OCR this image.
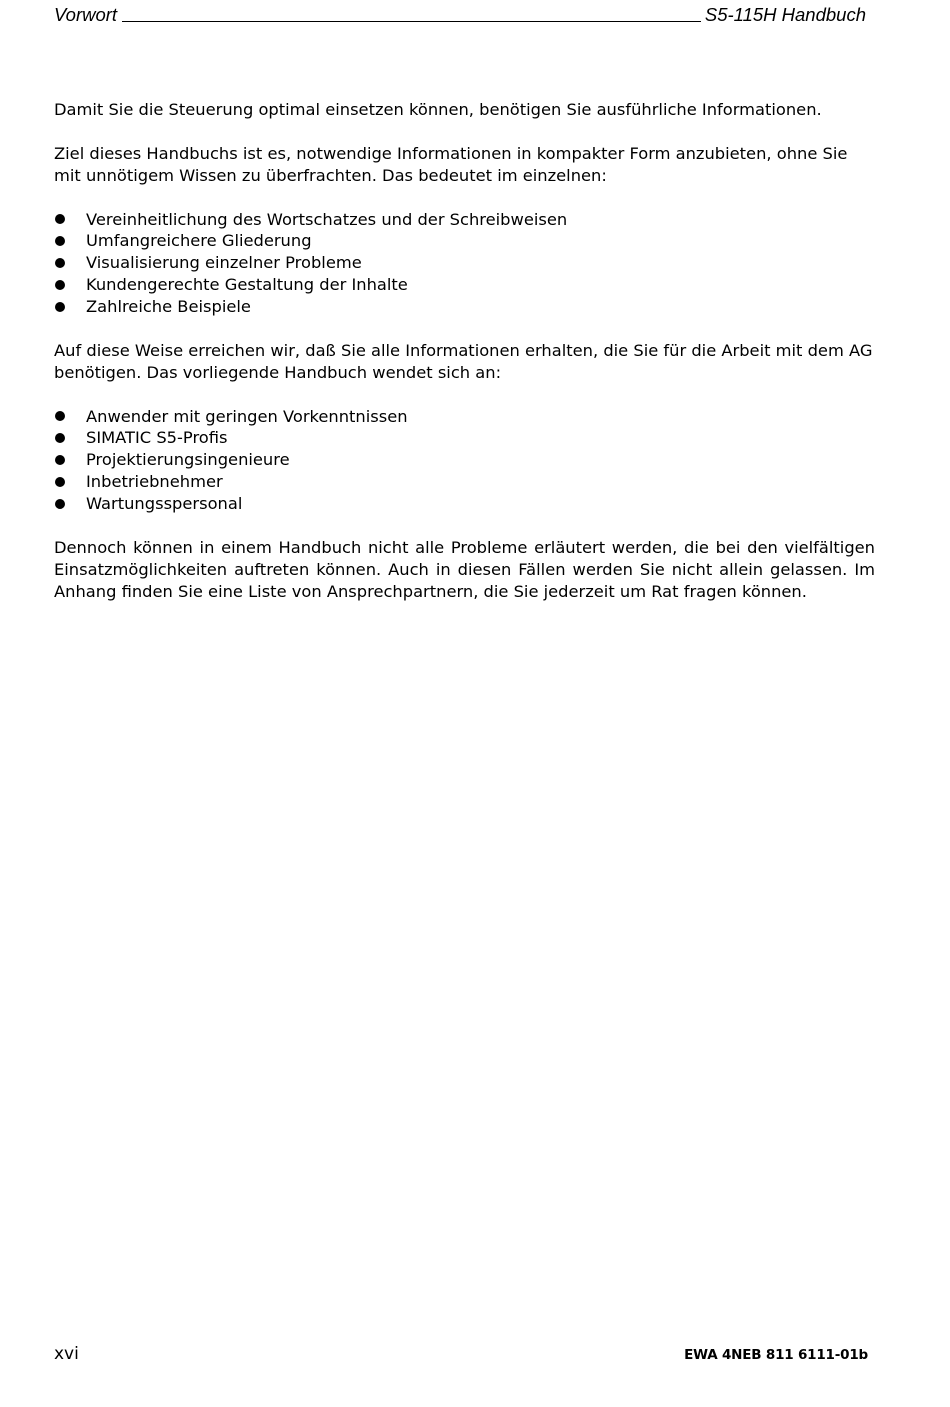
Vorwort	S5-115H Handbuch

Damit Sie die Steuerung optimal einsetzen können, benötigen Sie ausführliche Informationen.

Ziel dieses Handbuchs ist es, notwendige Informationen in kompakter Form anzubieten, ohne Sie mit unnötigem Wissen zu überfrachten. Das bedeutet im einzelnen:

Vereinheitlichung des Wortschatzes und der Schreibweisen
Umfangreichere Gliederung
Visualisierung einzelner Probleme
Kundengerechte Gestaltung der Inhalte
Zahlreiche Beispiele

Auf diese Weise erreichen wir, daß Sie alle Informationen erhalten, die Sie für die Arbeit mit dem AG benötigen. Das vorliegende Handbuch wendet sich an:

Anwender mit geringen Vorkenntnissen
SIMATIC S5-Profis
Projektierungsingenieure
Inbetriebnehmer
Wartungsspersonal

Dennoch können in einem Handbuch nicht alle Probleme erläutert werden, die bei den vielfältigen Einsatzmöglichkeiten auftreten können. Auch in diesen Fällen werden Sie nicht allein gelassen. Im Anhang finden Sie eine Liste von Ansprechpartnern, die Sie jederzeit um Rat fragen können.

xvi	EWA 4NEB 811 6111-01b
